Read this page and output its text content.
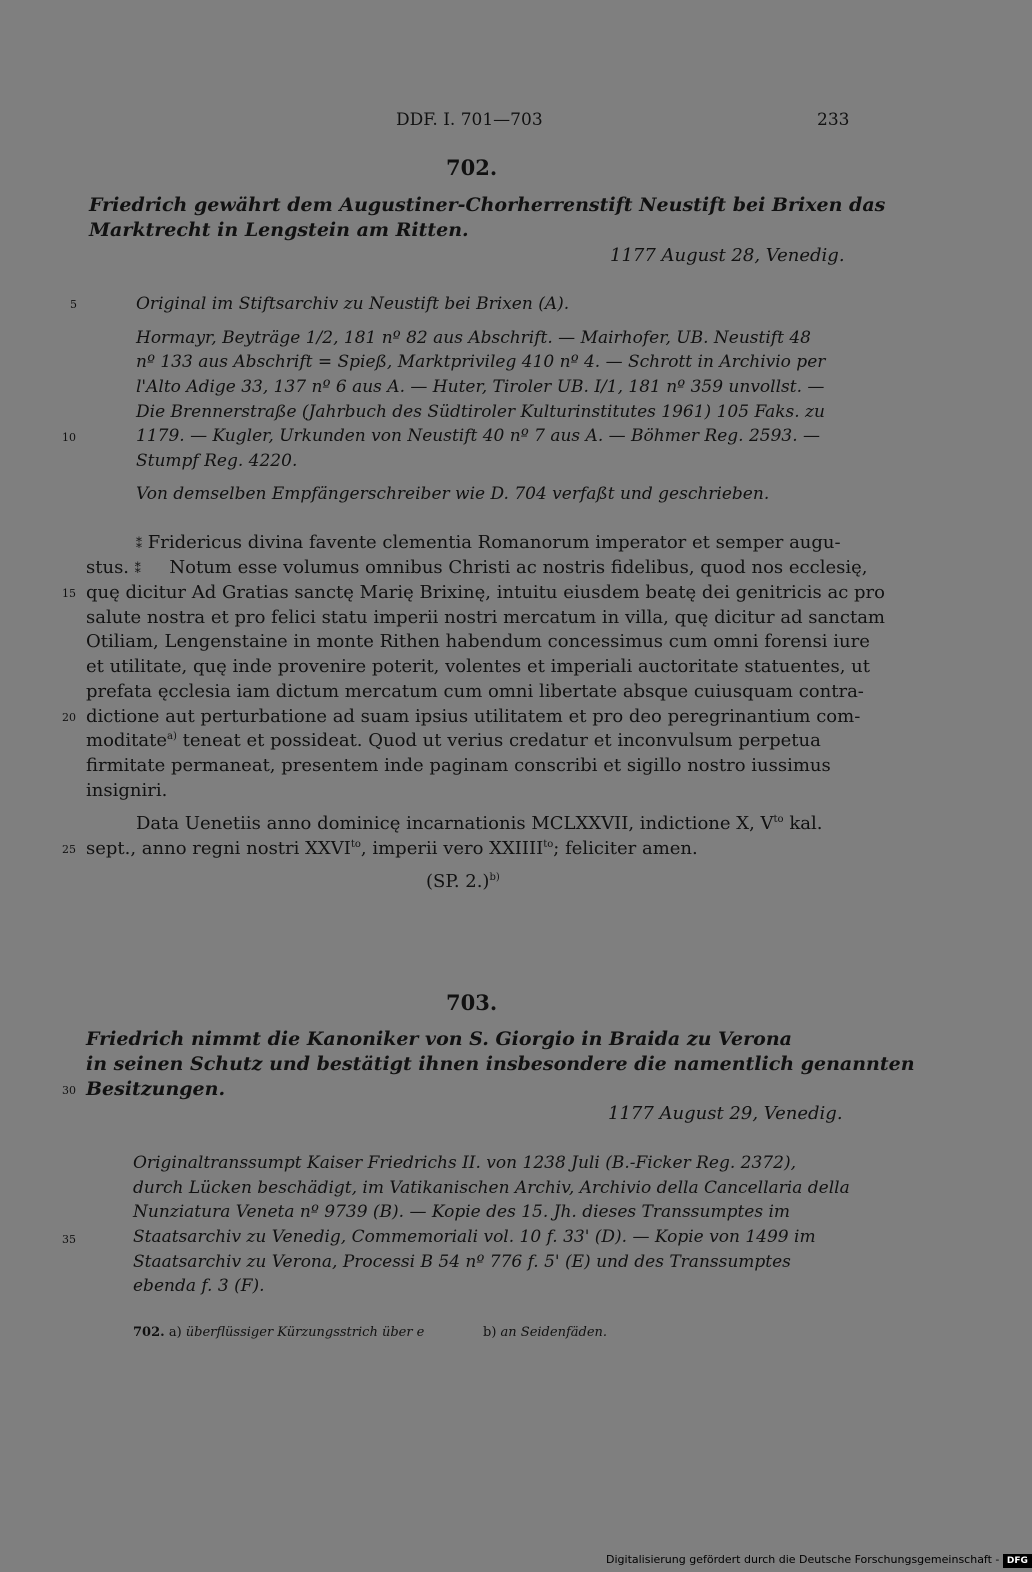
DDF. I. 701—703	233
702.
Friedrich gewährt dem Augustiner-Chorherrenstift Neustift bei Brixen das
Marktrecht in Lengstein am Ritten.
1177 August 28, Venedig.
Original im Stiftsarchiv zu Neustift bei Brixen (A).
Hormayr, Beyträge 1/2, 181 nº 82 aus Abschrift. — Mairhofer, UB. Neustift 48
nº 133 aus Abschrift = Spieß, Marktprivileg 410 nº 4. — Schrott in Archivio per
l'Alto Adige 33, 137 nº 6 aus A. — Huter, Tiroler UB. I/1, 181 nº 359 unvollst. —
Die Brennerstraße (Jahrbuch des Südtiroler Kulturinstitutes 1961) 105 Faks. zu
1179. — Kugler, Urkunden von Neustift 40 nº 7 aus A. — Böhmer Reg. 2593. —
Stumpf Reg. 4220.
Von demselben Empfängerschreiber wie D. 704 verfaßt und geschrieben.
⁑ Fridericus divina favente clementia Romanorum imperator et semper augu-
stus. ⁑ Notum esse volumus omnibus Christi ac nostris fidelibus, quod nos ecclesię,
quę dicitur Ad Gratias sanctę Marię Brixinę, intuitu eiusdem beatę dei genitricis ac pro
salute nostra et pro felici statu imperii nostri mercatum in villa, quę dicitur ad sanctam
Otiliam, Lengenstaine in monte Rithen habendum concessimus cum omni forensi iure
et utilitate, quę inde provenire poterit, volentes et imperiali auctoritate statuentes, ut
prefata ęcclesia iam dictum mercatum cum omni libertate absque cuiusquam contra-
dictione aut perturbatione ad suam ipsius utilitatem et pro deo peregrinantium com-
moditate$^{a)}$ teneat et possideat. Quod ut verius credatur et inconvulsum perpetua
firmitate permaneat, presentem inde paginam conscribi et sigillo nostro iussimus
insigniri.
Data Uenetiis anno dominicę incarnationis MCLXXVII, indictione X, $V^{to}$ kal.
sept., anno regni nostri $XXVI^{to}$, imperii vero $XXIIII^{to}$; feliciter amen.
(SP. 2.)$^{b)}$
703.
Friedrich nimmt die Kanoniker von S. Giorgio in Braida zu Verona
in seinen Schutz und bestätigt ihnen insbesondere die namentlich genannten
Besitzungen.
1177 August 29, Venedig.
Originaltranssumpt Kaiser Friedrichs II. von 1238 Juli (B.-Ficker Reg. 2372),
durch Lücken beschädigt, im Vatikanischen Archiv, Archivio della Cancellaria della
Nunziatura Veneta nº 9739 (B). — Kopie des 15. Jh. dieses Transsumptes im
Staatsarchiv zu Venedig, Commemoriali vol. 10 f. 33' (D). — Kopie von 1499 im
Staatsarchiv zu Verona, Processi B 54 nº 776 f. 5' (E) und des Transsumptes
ebenda f. 3 (F).
702. a) überflüssiger Kürzungsstrich über e	b) an Seidenfäden.
5
10
15
20
25
30
35
Digitalisierung gefördert durch die Deutsche Forschungsgemeinschaft - DFG
